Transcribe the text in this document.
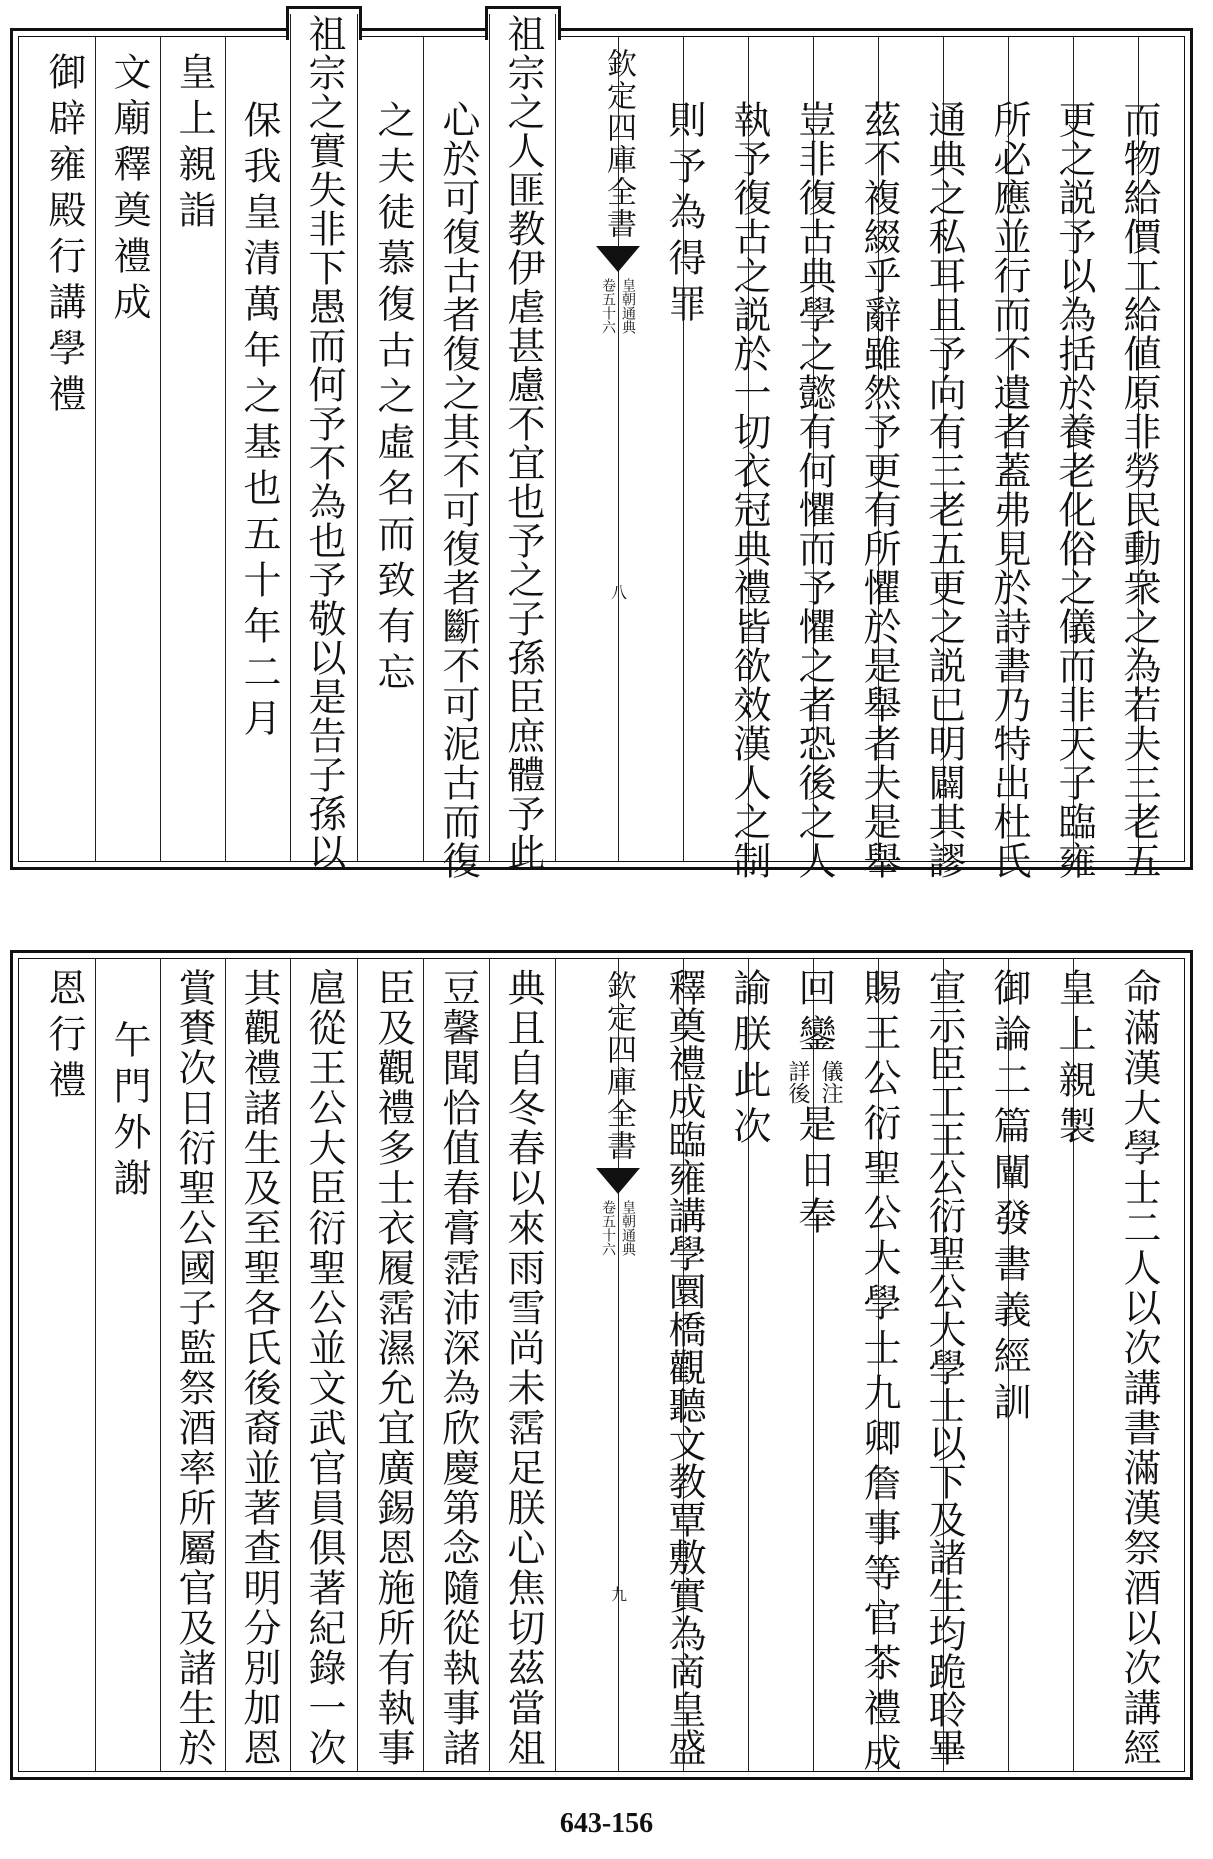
而物給價工給値原非勞民動衆之為若夫三老五
更之説予以為括於養老化俗之儀而非天子臨雍
所必應並行而不遺者蓋弗見於詩書乃特出杜氏
通典之私耳且予向有三老五更之説已明闢其謬
茲不複綴乎辭雖然予更有所懼於是舉者夫是舉
豈非復古典學之懿有何懼而予懼之者恐後之人
執予復古之説於一切衣冠典禮皆欲效漢人之制
則予為得罪
欽定四庫全書
皇朝通典
卷五十六
八
祖
宗之人匪教伊虐甚慮不宜也予之子孫臣庶體予此
心於可復古者復之其不可復者斷不可泥古而復
之夫徒慕復古之虛名而致有忘
祖
宗之實失非下愚而何予不為也予敬以是告子孫以
保我皇清萬年之基也五十年二月
皇上親詣
文廟釋奠禮成
御辟雍殿行講學禮
命滿漢大學士二人以次講書滿漢祭酒以次講經
皇上親製
御論二篇闡發書義經訓
宣示臣工王公衍聖公大學士以下及諸生均跪聆畢
賜王公衍聖公大學士九卿詹事等官茶禮成
回鑾
儀注
詳後
是日奉
諭朕此次
釋奠禮成臨雍講學圜橋觀聽文教覃敷實為啇皇盛
欽定四庫全書
皇朝通典
卷五十六
九
典且自冬春以來雨雪尚未霑足朕心焦切茲當俎
豆馨聞恰值春膏霑沛深為欣慶第念隨從執事諸
臣及觀禮多士衣履霑濕允宜廣錫恩施所有執事
扈從王公大臣衍聖公並文武官員俱著紀錄一次
其觀禮諸生及至聖各氏後裔並著查明分別加恩
賞賚次日衍聖公國子監祭酒率所屬官及諸生於
午門外謝
恩行禮
643-156
